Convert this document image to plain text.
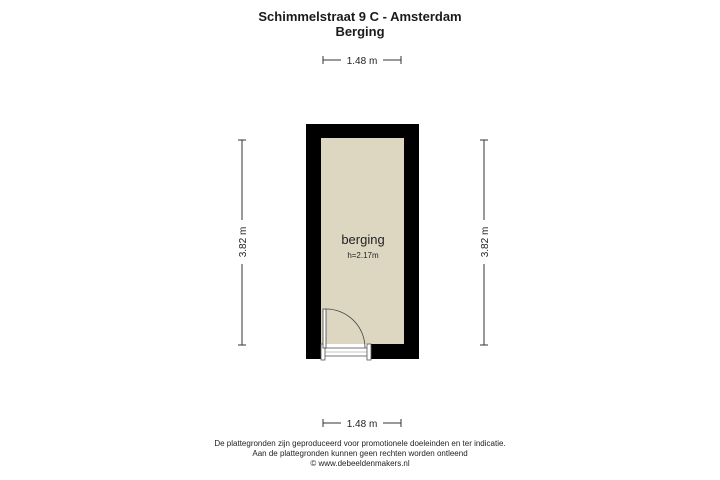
Schimmelstraat 9 C - Amsterdam
Berging
1.48 m
1.48 m
3.82 m	3.82 m
berging
h=2.17m
De plattegronden zijn geproduceerd voor promotionele doeleinden en ter indicatie.
Aan de plattegronden kunnen geen rechten worden ontleend
© www.debeeldenmakers.nl
